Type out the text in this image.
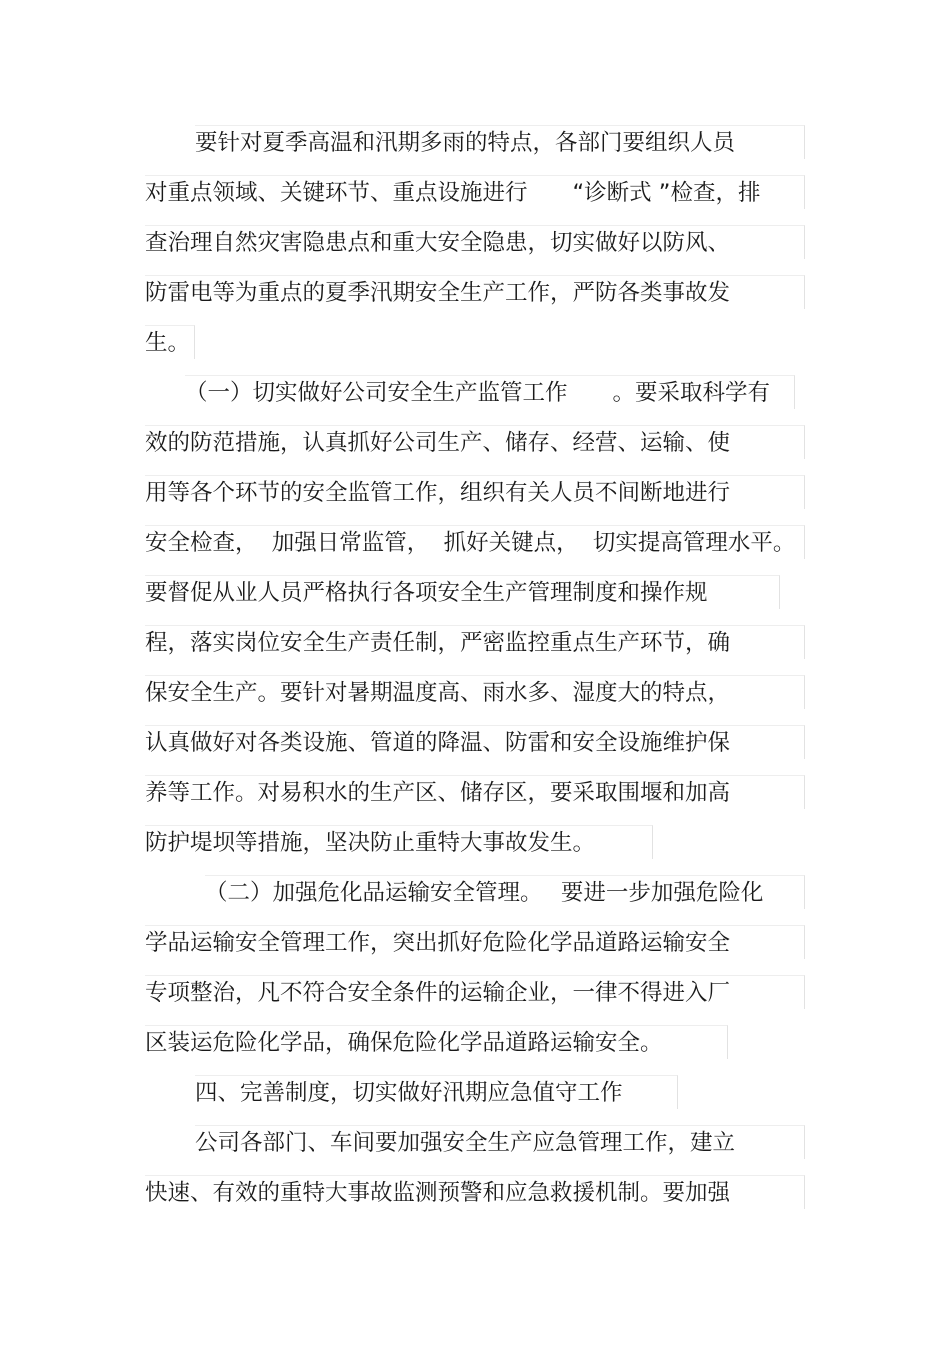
要针对夏季高温和汛期多雨的特点，各部门要组织人员
对重点领域、关键环节、重点设施进行　　“诊断式 ”检查，排
查治理自然灾害隐患点和重大安全隐患，切实做好以防风、
防雷电等为重点的夏季汛期安全生产工作，严防各类事故发
生。
（一）切实做好公司安全生产监管工作　　。要采取科学有
效的防范措施，认真抓好公司生产、储存、经营、运输、使
用等各个环节的安全监管工作，组织有关人员不间断地进行
安全检查，  加强日常监管，  抓好关键点，  切实提高管理水平。
要督促从业人员严格执行各项安全生产管理制度和操作规
程，落实岗位安全生产责任制，严密监控重点生产环节，确
保安全生产。要针对暑期温度高、雨水多、湿度大的特点，
认真做好对各类设施、管道的降温、防雷和安全设施维护保
养等工作。对易积水的生产区、储存区，要采取围堰和加高
防护堤坝等措施，坚决防止重特大事故发生。
（二）加强危化品运输安全管理。　 要进一步加强危险化
学品运输安全管理工作，突出抓好危险化学品道路运输安全
专项整治，凡不符合安全条件的运输企业，一律不得进入厂
区装运危险化学品，确保危险化学品道路运输安全。
四、完善制度，切实做好汛期应急值守工作
公司各部门、车间要加强安全生产应急管理工作，建立
快速、有效的重特大事故监测预警和应急救援机制。要加强
